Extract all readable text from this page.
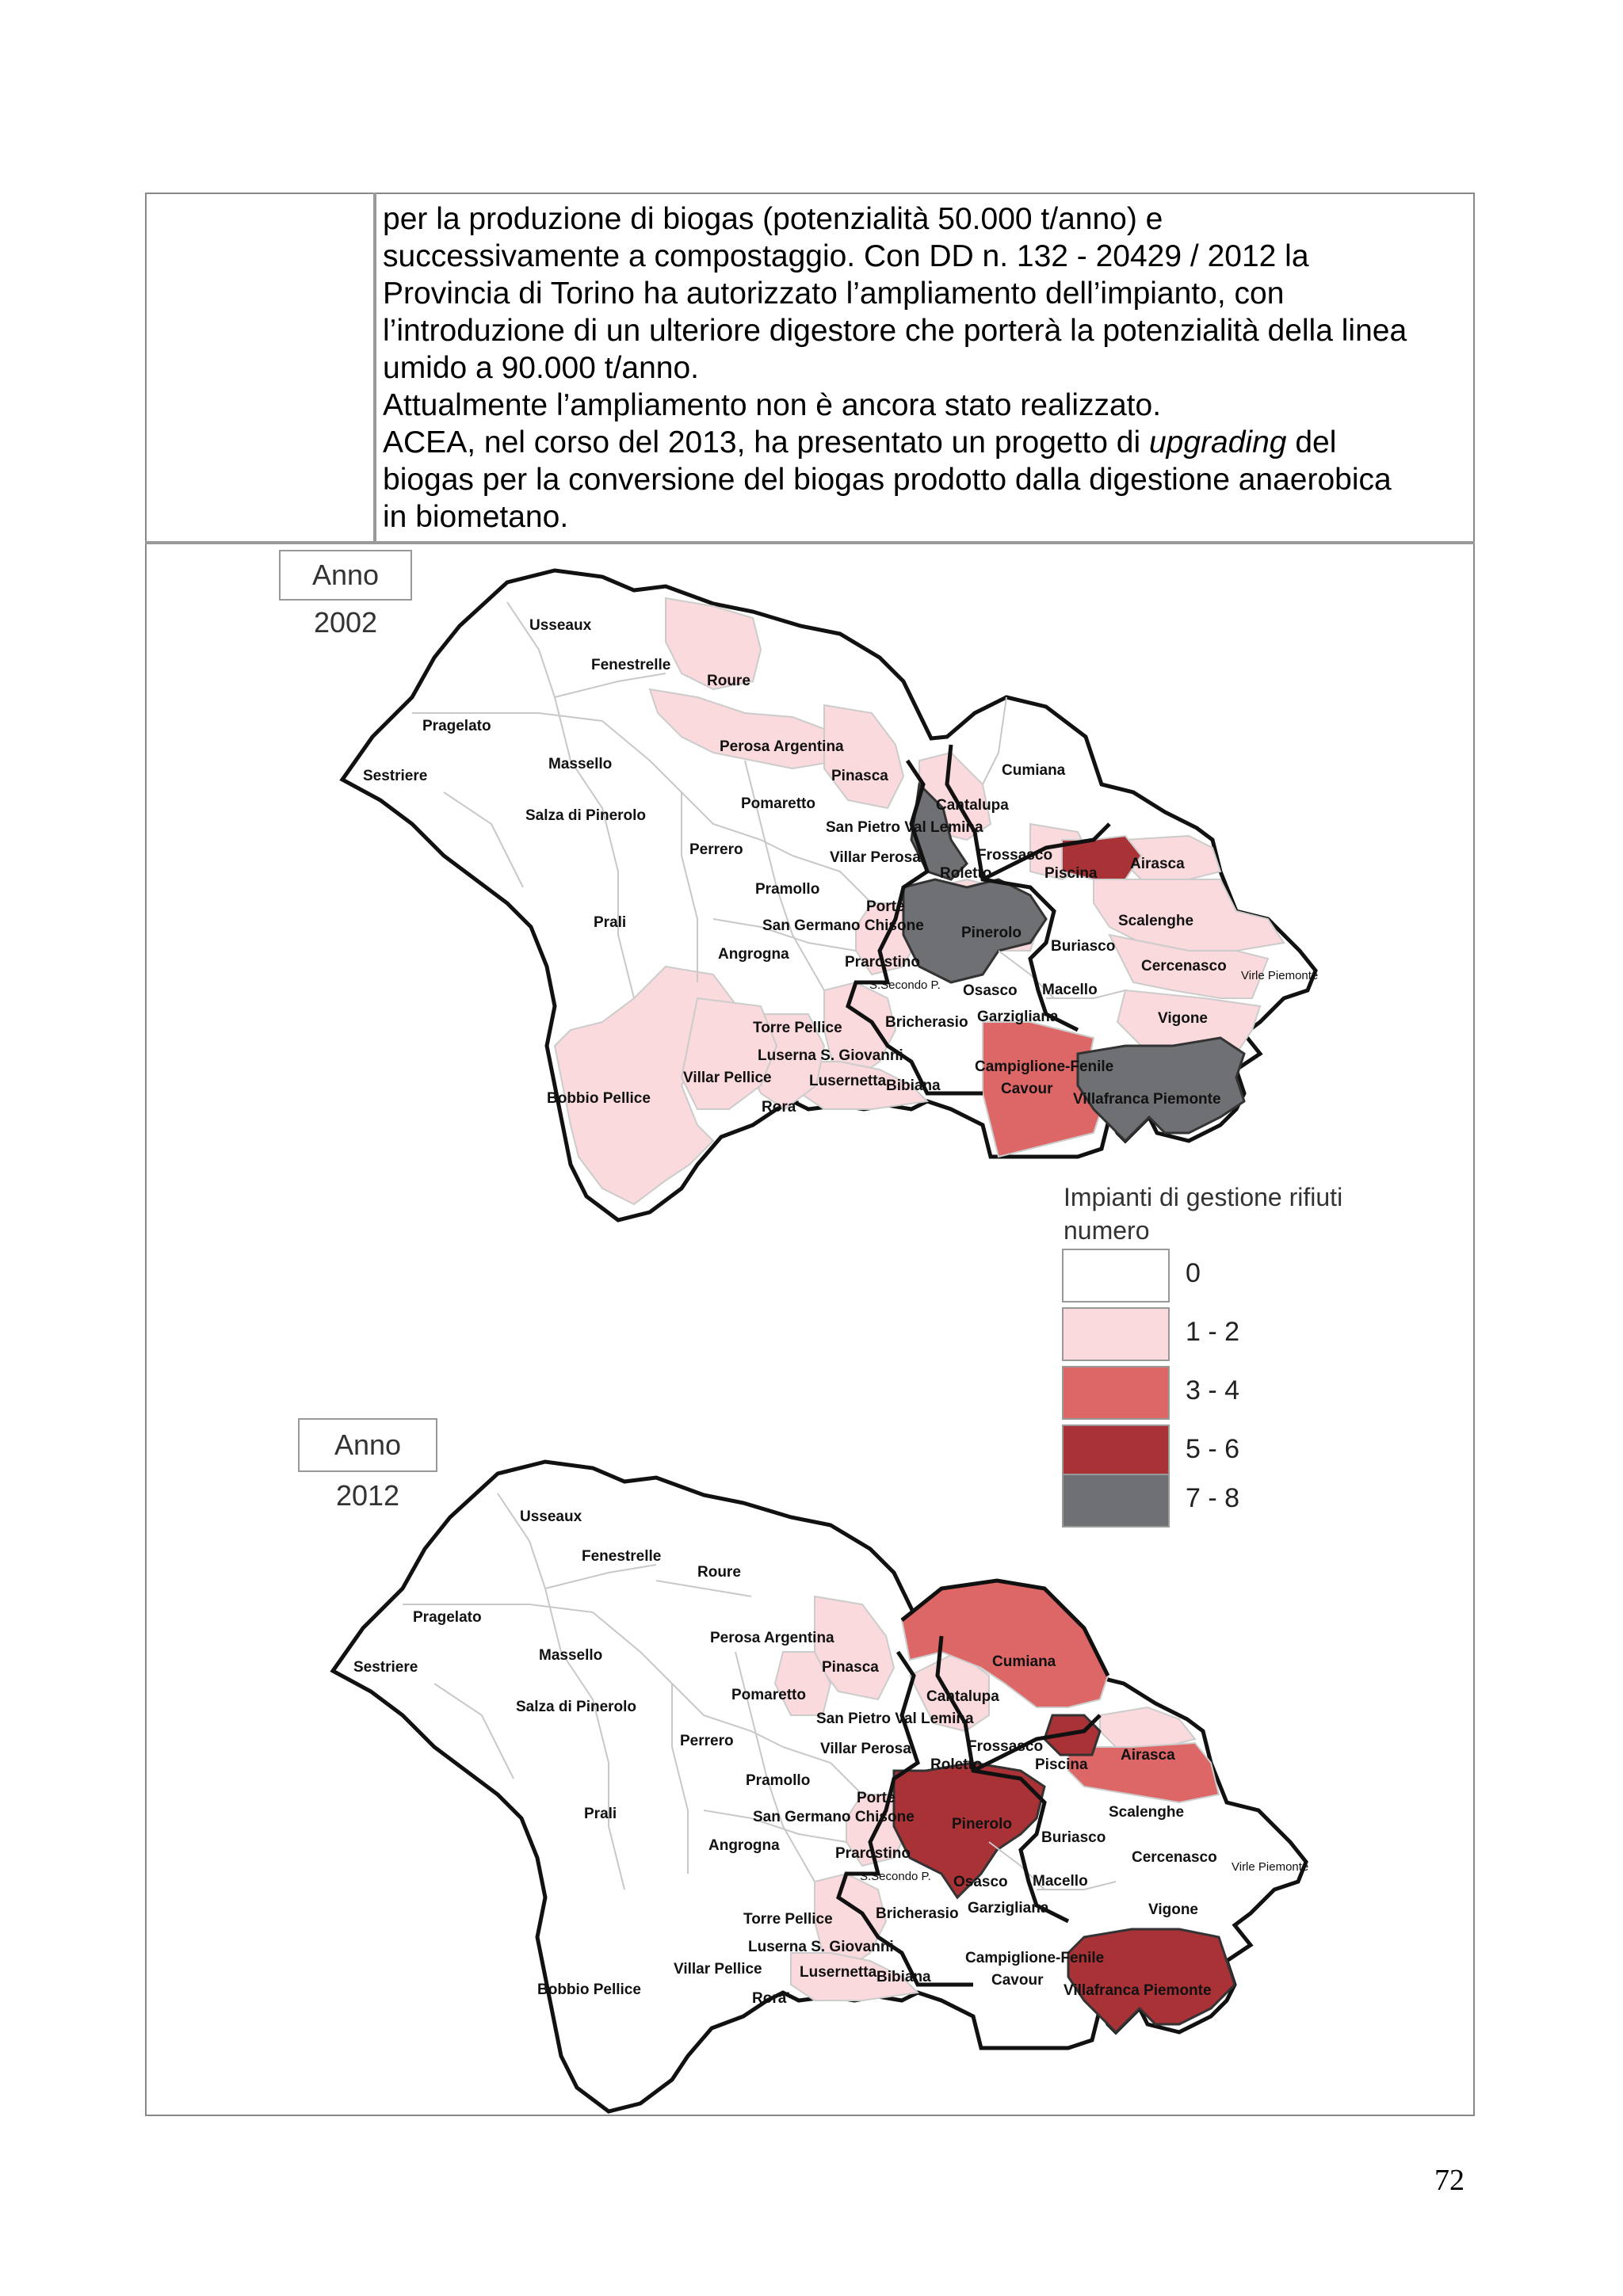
per la produzione di biogas (potenzialità 50.000 t/anno) e

successivamente a compostaggio. Con DD n. 132 - 20429 / 2012 la

Provincia di Torino ha autorizzato l’ampliamento dell’impianto, con

l’introduzione di un ulteriore digestore che porterà la potenzialità della linea

umido a 90.000 t/anno.

Attualmente l’ampliamento non è ancora stato realizzato.

ACEA, nel corso del 2013, ha presentato un progetto di upgrading del

biogas per la conversione del biogas prodotto dalla digestione anaerobica

in biometano.

Usseaux
Fenestrelle
Roure
Pragelato
Massello
Sestriere
Perosa Argentina
Pinasca	Cumiana
Pomaretto
Salza di Pinerolo
San Pietro Val Lemina
Cantalupa
Perrero	Villar Perosa	Frossasco
Airasca
Roletto	Piscina
Pramollo
Porte
Prali	San Germano Chisone Pinerolo
Scalenghe
Angrogna	Buriasco
Prarostino	Cercenasco
Virle Piemonte
S.Secondo P. Osasco Macello
Torre Pellice	Bricherasio Garzigliana	Vigone
Luserna S. Giovanni
Campiglione-Fenile
Villar Pellice Lusernetta Bibiana	Cavour
Villafranca Piemonte
Bobbio Pellice
Rora'
Usseaux
Fenestrelle
Roure
Pragelato
Massello
Sestriere
Perosa Argentina
Pinasca	Cumiana
Pomaretto
Salza di Pinerolo
San Pietro Val Lemina
Cantalupa
Perrero	Villar Perosa	Frossasco
Airasca
Roletto	Piscina
Pramollo
Porte
Prali	San Germano Chisone Pinerolo
Scalenghe
Angrogna	Buriasco
Prarostino	Cercenasco
Virle Piemonte
S.Secondo P. Osasco Macello
Torre Pellice	Bricherasio Garzigliana	Vigone
Luserna S. Giovanni
Campiglione-Fenile
Villar Pellice Lusernetta Bibiana	Cavour
Villafranca Piemonte
Bobbio Pellice
Rora'
Anno 2002
Anno 2012
Impianti di gestione rifiuti
numero
0
1 - 2
3 - 4
5 - 6
7 - 8
72
